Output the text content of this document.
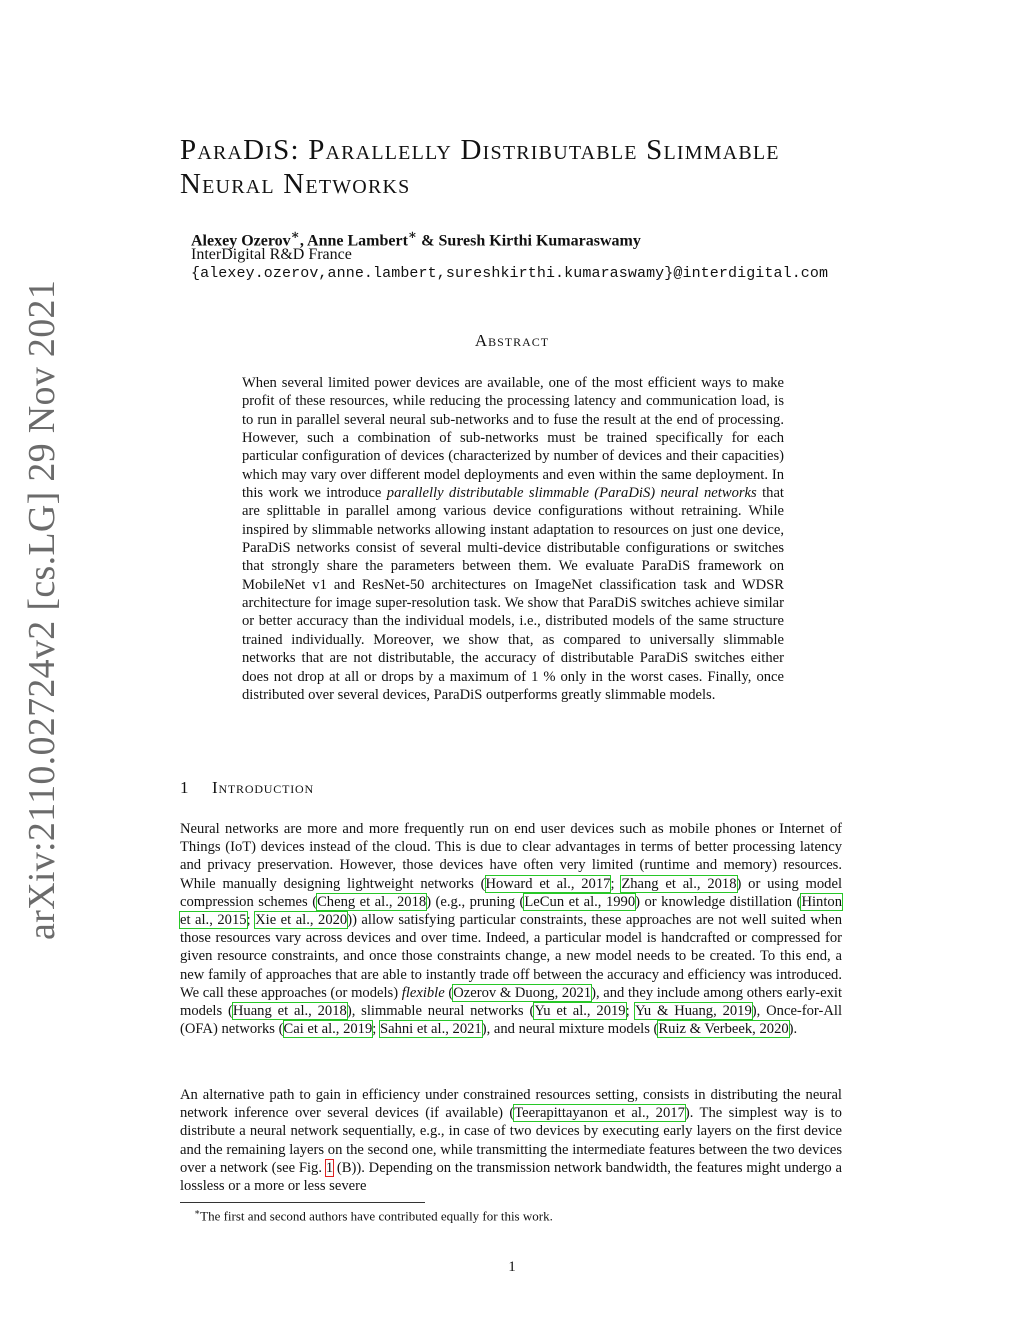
arXiv:2110.02724v2 [cs.LG] 29 Nov 2021
ParaDiS: Parallelly Distributable Slimmable Neural Networks
Alexey Ozerov∗, Anne Lambert∗ & Suresh Kirthi Kumaraswamy
InterDigital R&D France
{alexey.ozerov,anne.lambert,sureshkirthi.kumaraswamy}@interdigital.com
Abstract
When several limited power devices are available, one of the most efficient ways to make profit of these resources, while reducing the processing latency and communication load, is to run in parallel several neural sub-networks and to fuse the result at the end of processing. However, such a combination of sub-networks must be trained specifically for each particular configuration of devices (characterized by number of devices and their capacities) which may vary over different model deployments and even within the same deployment. In this work we introduce parallelly distributable slimmable (ParaDiS) neural networks that are splittable in parallel among various device configurations without retraining. While inspired by slimmable networks allowing instant adaptation to resources on just one device, ParaDiS networks consist of several multi-device distributable configurations or switches that strongly share the parameters between them. We evaluate ParaDiS framework on MobileNet v1 and ResNet-50 architectures on ImageNet classification task and WDSR architecture for image super-resolution task. We show that ParaDiS switches achieve similar or better accuracy than the individual models, i.e., distributed models of the same structure trained individually. Moreover, we show that, as compared to universally slimmable networks that are not distributable, the accuracy of distributable ParaDiS switches either does not drop at all or drops by a maximum of 1 % only in the worst cases. Finally, once distributed over several devices, ParaDiS outperforms greatly slimmable models.
1 Introduction
Neural networks are more and more frequently run on end user devices such as mobile phones or Internet of Things (IoT) devices instead of the cloud. This is due to clear advantages in terms of better processing latency and privacy preservation. However, those devices have often very limited (runtime and memory) resources. While manually designing lightweight networks (Howard et al., 2017; Zhang et al., 2018) or using model compression schemes (Cheng et al., 2018) (e.g., pruning (LeCun et al., 1990) or knowledge distillation (Hinton et al., 2015; Xie et al., 2020)) allow satisfying particular constraints, these approaches are not well suited when those resources vary across devices and over time. Indeed, a particular model is handcrafted or compressed for given resource constraints, and once those constraints change, a new model needs to be created. To this end, a new family of approaches that are able to instantly trade off between the accuracy and efficiency was introduced. We call these approaches (or models) flexible (Ozerov & Duong, 2021), and they include among others early-exit models (Huang et al., 2018), slimmable neural networks (Yu et al., 2019; Yu & Huang, 2019), Once-for-All (OFA) networks (Cai et al., 2019; Sahni et al., 2021), and neural mixture models (Ruiz & Verbeek, 2020).
An alternative path to gain in efficiency under constrained resources setting, consists in distributing the neural network inference over several devices (if available) (Teerapittayanon et al., 2017). The simplest way is to distribute a neural network sequentially, e.g., in case of two devices by executing early layers on the first device and the remaining layers on the second one, while transmitting the intermediate features between the two devices over a network (see Fig. 1 (B)). Depending on the transmission network bandwidth, the features might undergo a lossless or a more or less severe
∗The first and second authors have contributed equally for this work.
1
